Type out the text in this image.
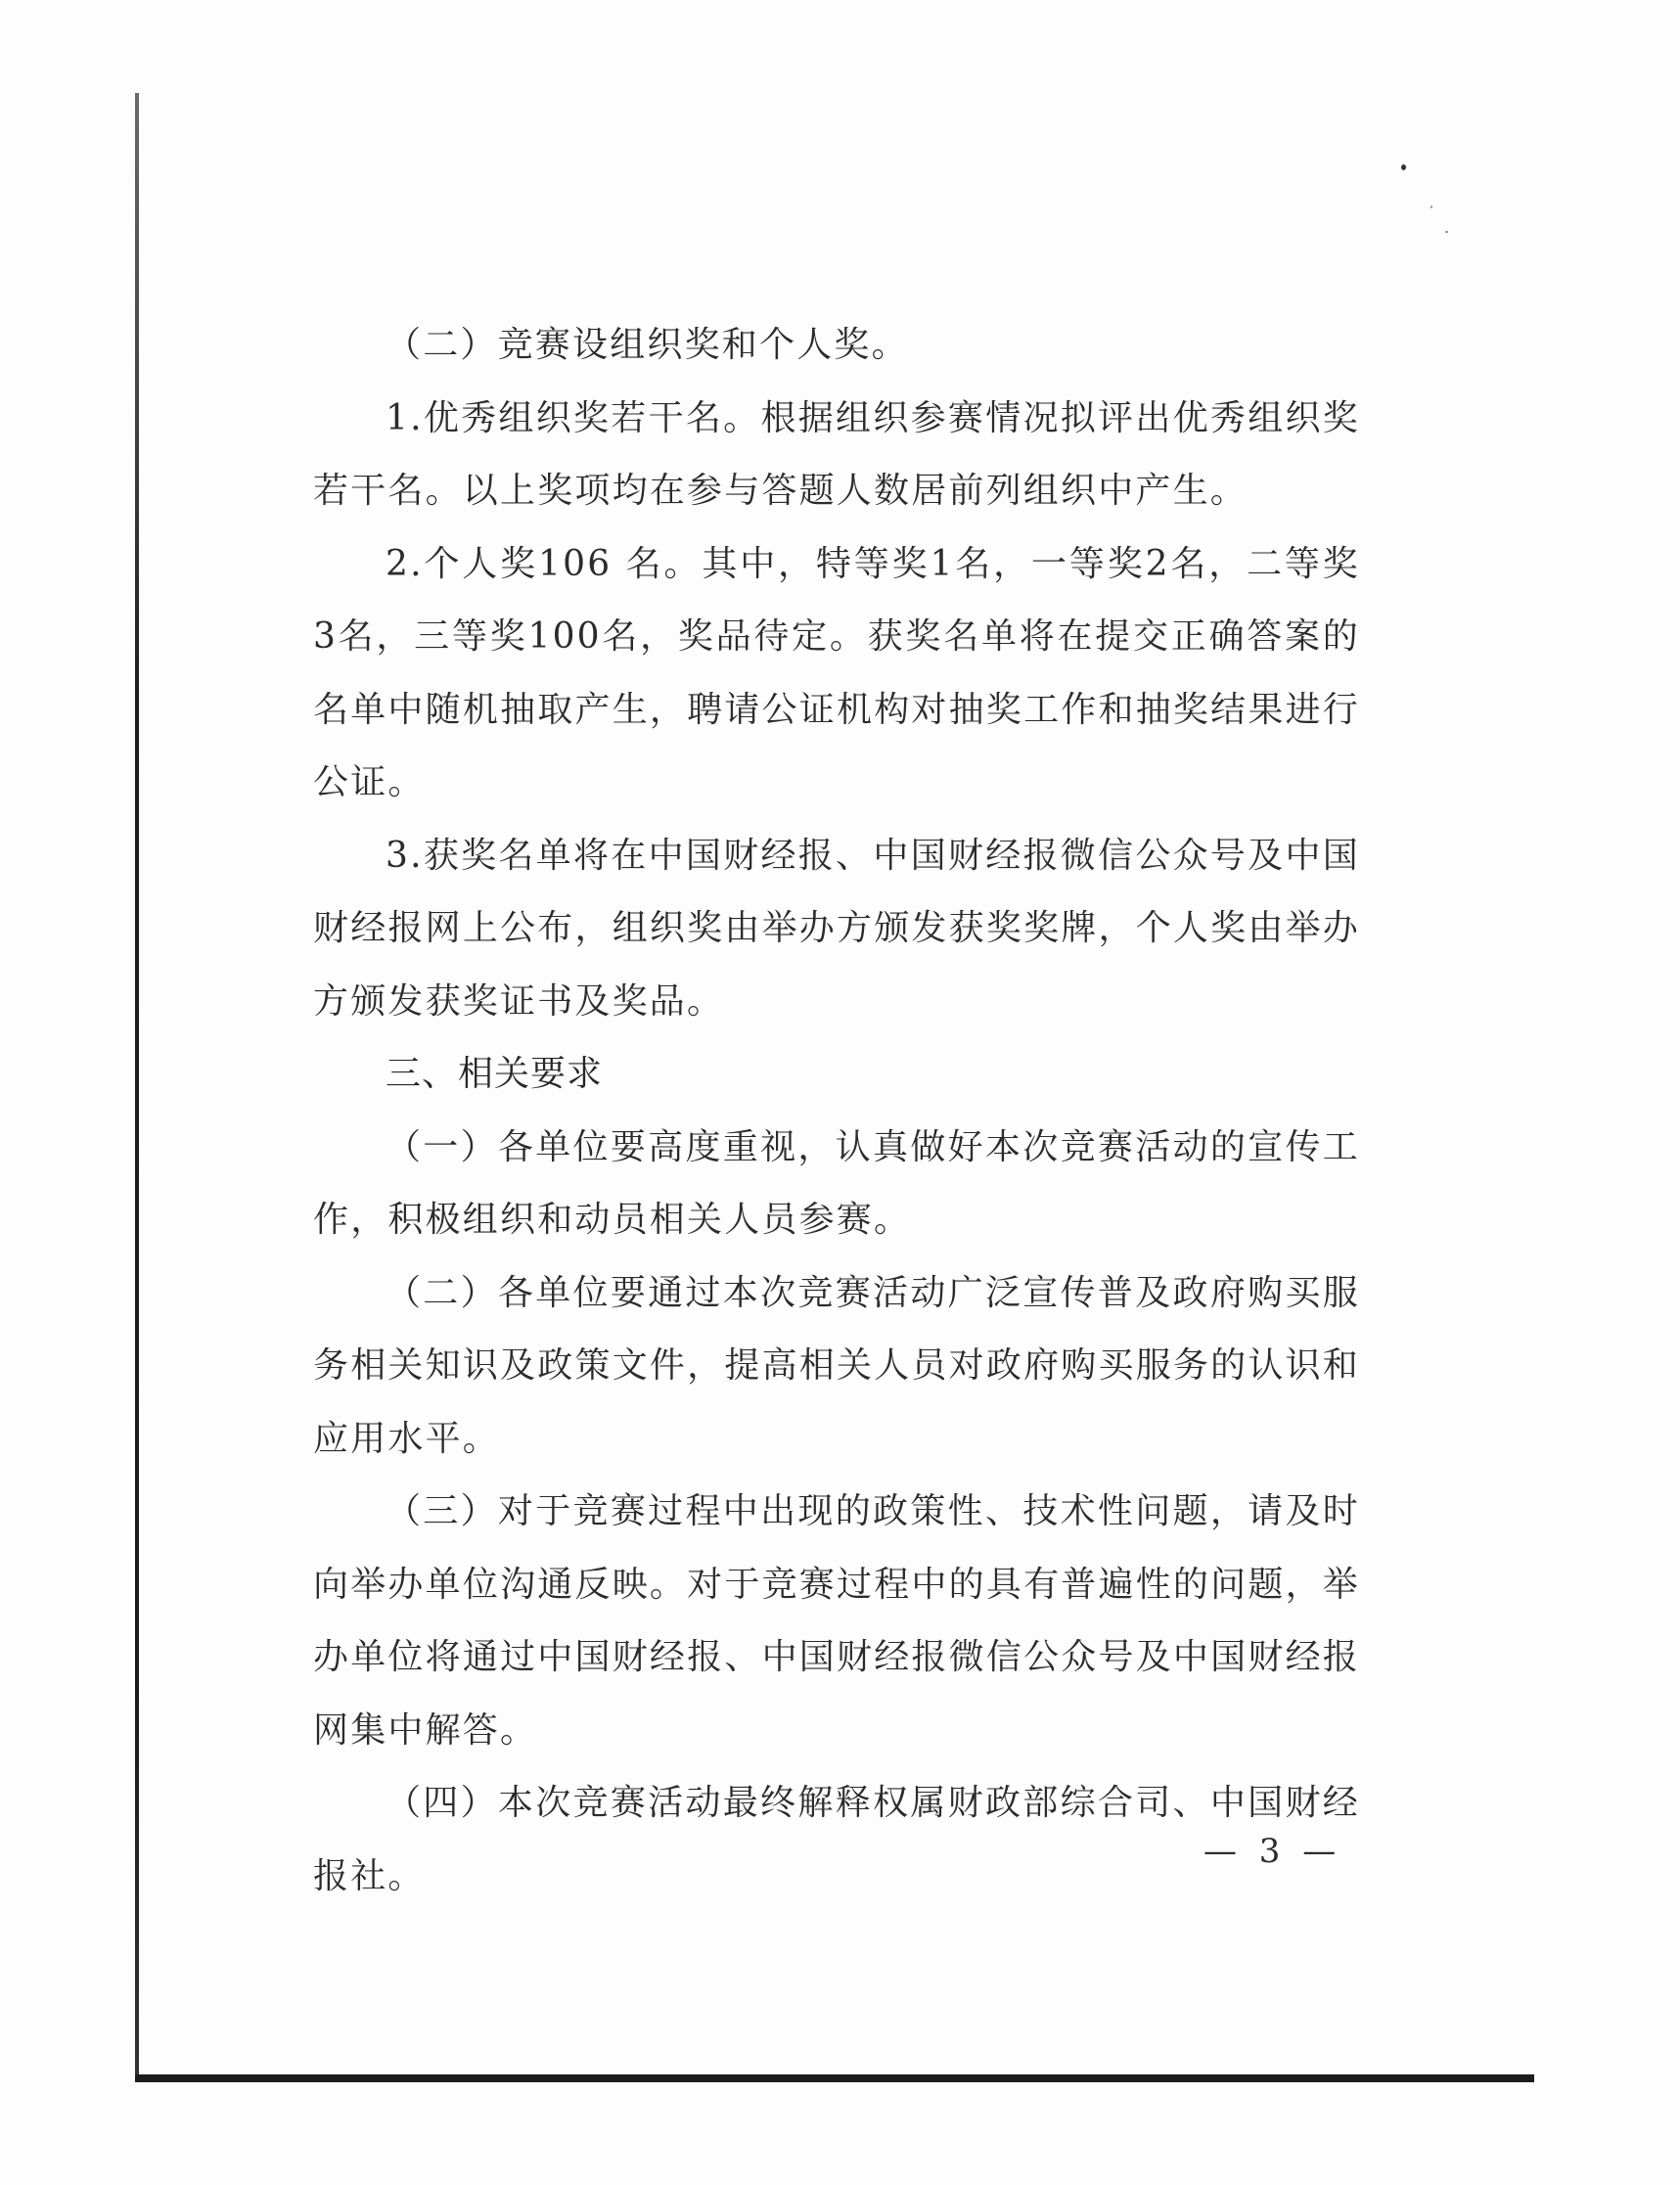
（二）竞赛设组织奖和个人奖。

1.优秀组织奖若干名。根据组织参赛情况拟评出优秀组织奖若干名。以上奖项均在参与答题人数居前列组织中产生。

2.个人奖106 名。其中，特等奖1名，一等奖2名，二等奖3名，三等奖100名，奖品待定。获奖名单将在提交正确答案的名单中随机抽取产生，聘请公证机构对抽奖工作和抽奖结果进行公证。

3.获奖名单将在中国财经报、中国财经报微信公众号及中国财经报网上公布，组织奖由举办方颁发获奖奖牌，个人奖由举办方颁发获奖证书及奖品。

三、相关要求

（一）各单位要高度重视，认真做好本次竞赛活动的宣传工作，积极组织和动员相关人员参赛。

（二）各单位要通过本次竞赛活动广泛宣传普及政府购买服务相关知识及政策文件，提高相关人员对政府购买服务的认识和应用水平。

（三）对于竞赛过程中出现的政策性、技术性问题，请及时向举办单位沟通反映。对于竞赛过程中的具有普遍性的问题，举办单位将通过中国财经报、中国财经报微信公众号及中国财经报网集中解答。

（四）本次竞赛活动最终解释权属财政部综合司、中国财经报社。

— 3 —
